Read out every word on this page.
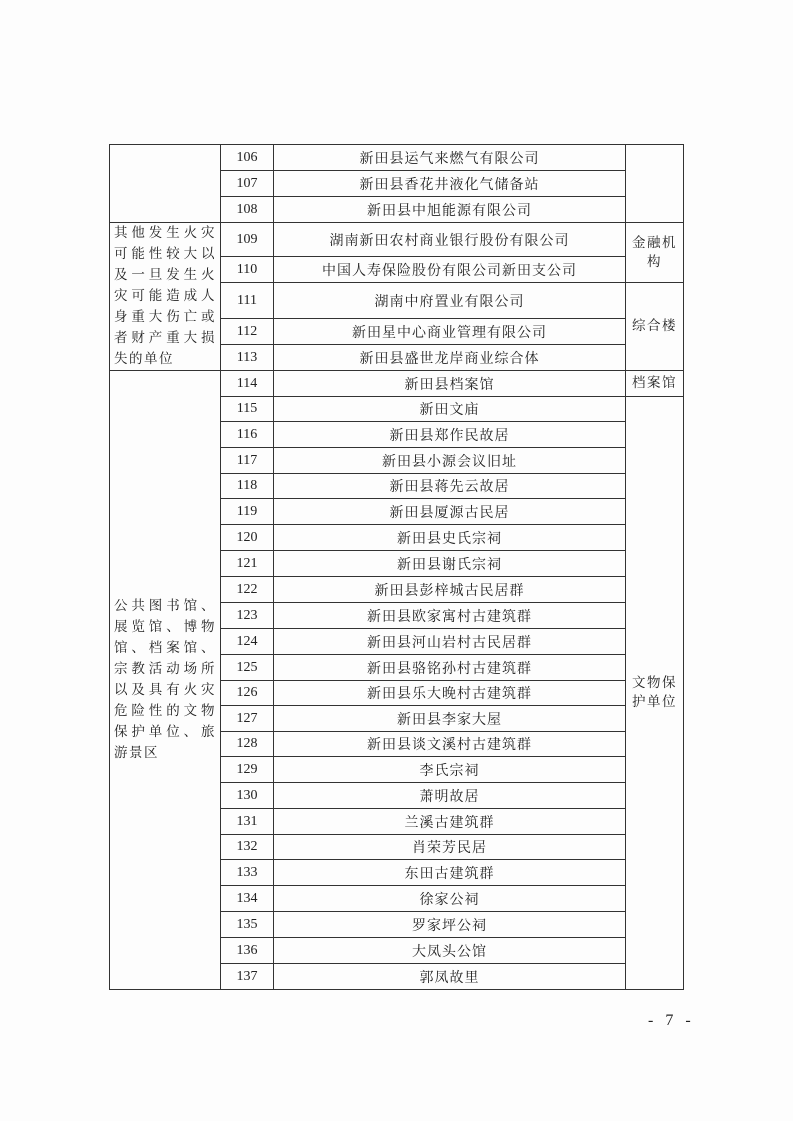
	106	新田县运气来燃气有限公司	
	107	新田县香花井液化气储备站	
	108	新田县中旭能源有限公司	
其他发生火灾可能性较大以及一旦发生火灾可能造成人身重大伤亡或者财产重大损失的单位	109	湖南新田农村商业银行股份有限公司	金融机构
	110	中国人寿保险股份有限公司新田支公司	
	111	湖南中府置业有限公司	综合楼
	112	新田星中心商业管理有限公司	
	113	新田县盛世龙岸商业综合体	
公共图书馆、展览馆、博物馆、档案馆、宗教活动场所以及具有火灾危险性的文物保护单位、旅游景区	114	新田县档案馆	档案馆
	115	新田文庙	文物保护单位
	116	新田县郑作民故居	
	117	新田县小源会议旧址	
	118	新田县蒋先云故居	
	119	新田县厦源古民居	
	120	新田县史氏宗祠	
	121	新田县谢氏宗祠	
	122	新田县彭梓城古民居群	
	123	新田县欧家寓村古建筑群	
	124	新田县河山岩村古民居群	
	125	新田县骆铭孙村古建筑群	
	126	新田县乐大晚村古建筑群	
	127	新田县李家大屋	
	128	新田县谈文溪村古建筑群	
	129	李氏宗祠	
	130	萧明故居	
	131	兰溪古建筑群	
	132	肖荣芳民居	
	133	东田古建筑群	
	134	徐家公祠	
	135	罗家坪公祠	
	136	大凤头公馆	
	137	郭凤故里	
- 7 -
